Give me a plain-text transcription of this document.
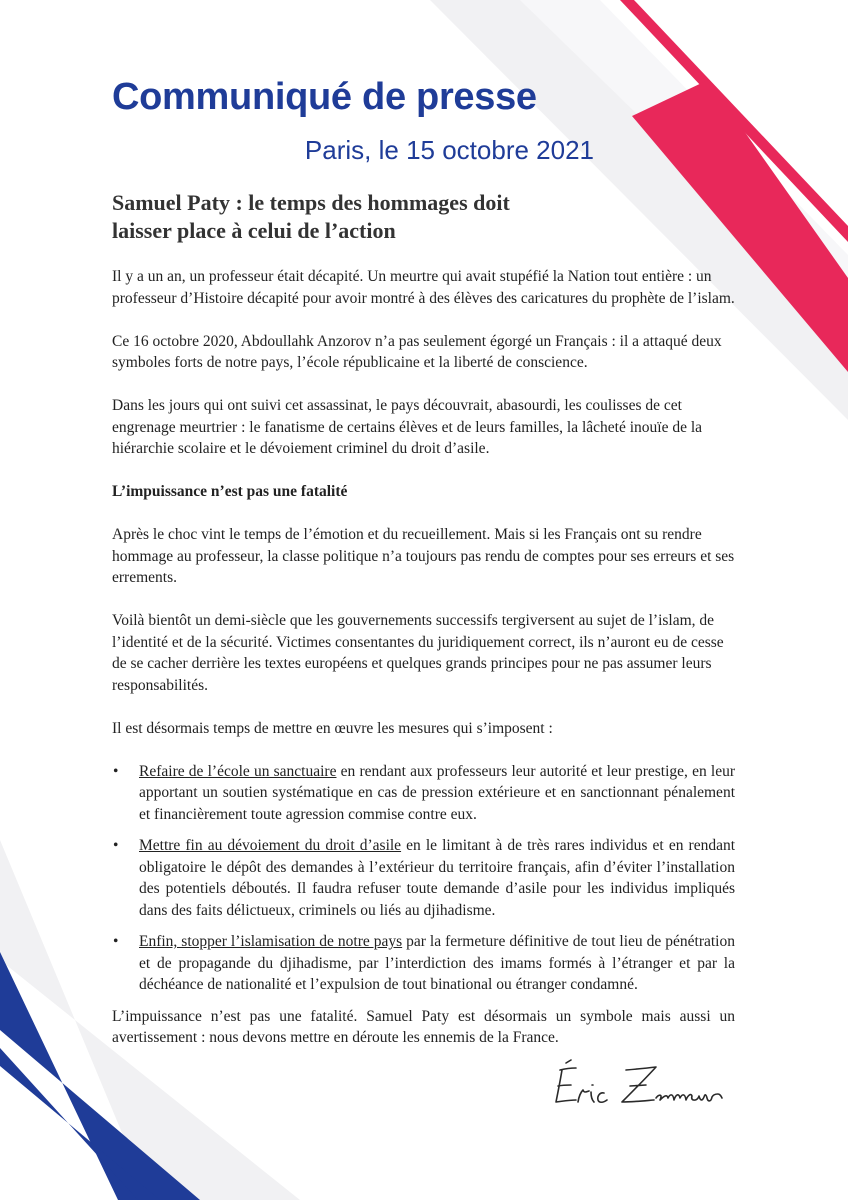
Communiqué de presse
Paris, le 15 octobre 2021
Samuel Paty : le temps des hommages doit
laisser place à celui de l’action

Il y a un an, un professeur était décapité. Un meurtre qui avait stupéfié la Nation tout entière : un professeur d’Histoire décapité pour avoir montré à des élèves des caricatures du prophète de l’islam.

Ce 16 octobre 2020, Abdoullahk Anzorov n’a pas seulement égorgé un Français : il a attaqué deux symboles forts de notre pays, l’école républicaine et la liberté de conscience.

Dans les jours qui ont suivi cet assassinat, le pays découvrait, abasourdi, les coulisses de cet engrenage meurtrier : le fanatisme de certains élèves et de leurs familles, la lâcheté inouïe de la hiérarchie scolaire et le dévoiement criminel du droit d’asile.

L’impuissance n’est pas une fatalité

Après le choc vint le temps de l’émotion et du recueillement. Mais si les Français ont su rendre hommage au professeur, la classe politique n’a toujours pas rendu de comptes pour ses erreurs et ses errements.

Voilà bientôt un demi-siècle que les gouvernements successifs tergiversent au sujet de l’islam, de l’identité et de la sécurité. Victimes consentantes du juridiquement correct, ils n’auront eu de cesse de se cacher derrière les textes européens et quelques grands principes pour ne pas assumer leurs responsabilités.

Il est désormais temps de mettre en œuvre les mesures qui s’imposent :

• Refaire de l’école un sanctuaire en rendant aux professeurs leur autorité et leur prestige, en leur apportant un soutien systématique en cas de pression extérieure et en sanctionnant pénalement et financièrement toute agression commise contre eux.
• Mettre fin au dévoiement du droit d’asile en le limitant à de très rares individus et en rendant obligatoire le dépôt des demandes à l’extérieur du territoire français, afin d’éviter l’installation des potentiels déboutés. Il faudra refuser toute demande d’asile pour les individus impliqués dans des faits délictueux, criminels ou liés au djihadisme.
• Enfin, stopper l’islamisation de notre pays par la fermeture définitive de tout lieu de pénétration et de propagande du djihadisme, par l’interdiction des imams formés à l’étranger et par la déchéance de nationalité et l’expulsion de tout binational ou étranger condamné.

L’impuissance n’est pas une fatalité. Samuel Paty est désormais un symbole mais aussi un avertissement : nous devons mettre en déroute les ennemis de la France.
